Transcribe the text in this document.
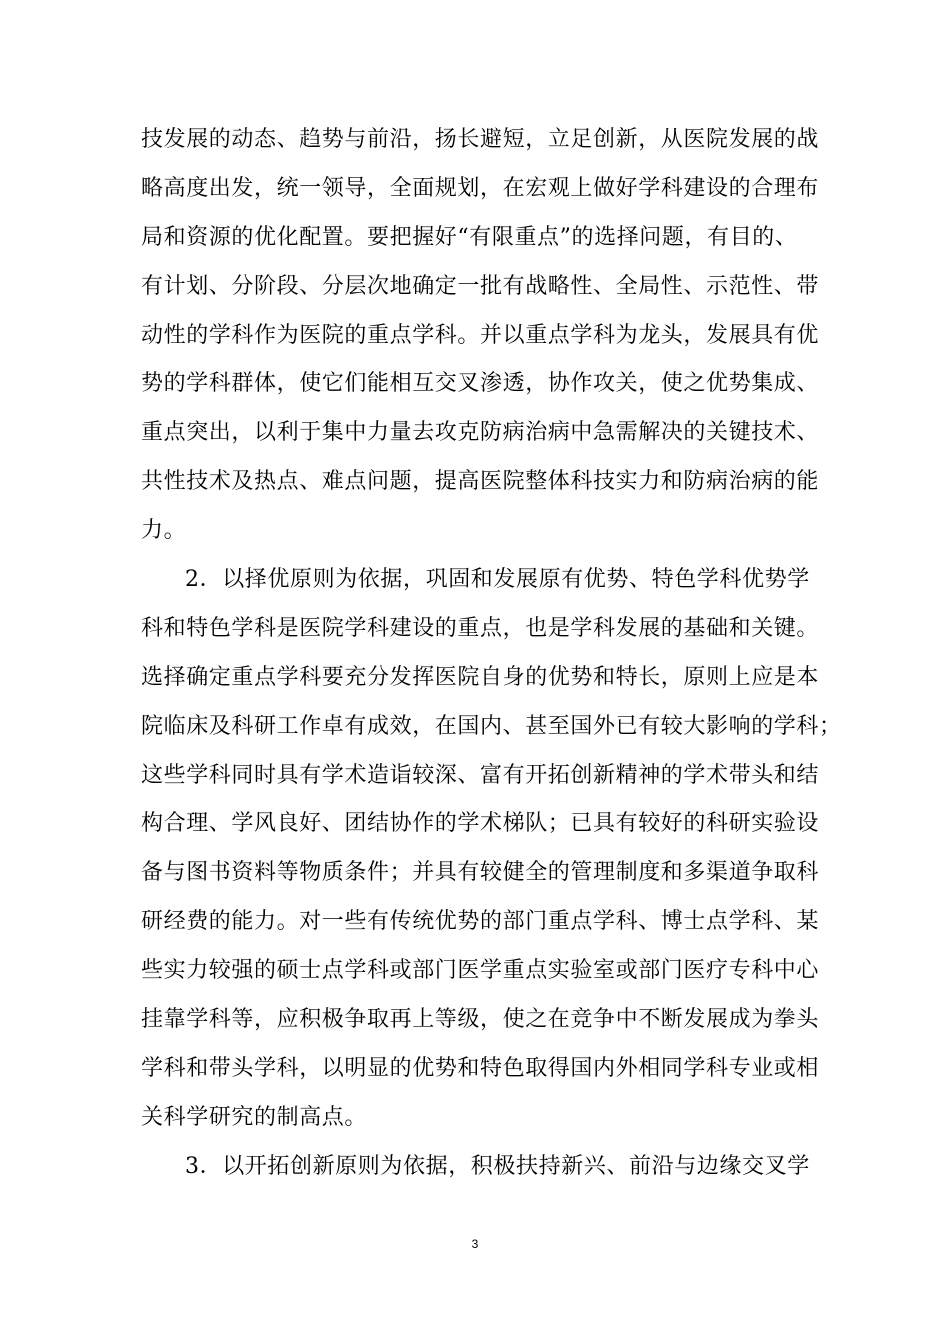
技发展的动态、趋势与前沿，扬长避短，立足创新，从医院发展的战
略高度出发，统一领导，全面规划，在宏观上做好学科建设的合理布
局和资源的优化配置。要把握好“有限重点”的选择问题，有目的、
有计划、分阶段、分层次地确定一批有战略性、全局性、示范性、带
动性的学科作为医院的重点学科。并以重点学科为龙头，发展具有优
势的学科群体，使它们能相互交叉渗透，协作攻关，使之优势集成、
重点突出，以利于集中力量去攻克防病治病中急需解决的关键技术、
共性技术及热点、难点问题，提高医院整体科技实力和防病治病的能
力。
2．以择优原则为依据，巩固和发展原有优势、特色学科优势学
科和特色学科是医院学科建设的重点，也是学科发展的基础和关键。
选择确定重点学科要充分发挥医院自身的优势和特长，原则上应是本
院临床及科研工作卓有成效，在国内、甚至国外已有较大影响的学科；
这些学科同时具有学术造诣较深、富有开拓创新精神的学术带头和结
构合理、学风良好、团结协作的学术梯队；已具有较好的科研实验设
备与图书资料等物质条件；并具有较健全的管理制度和多渠道争取科
研经费的能力。对一些有传统优势的部门重点学科、博士点学科、某
些实力较强的硕士点学科或部门医学重点实验室或部门医疗专科中心
挂靠学科等，应积极争取再上等级，使之在竞争中不断发展成为拳头
学科和带头学科，以明显的优势和特色取得国内外相同学科专业或相
关科学研究的制高点。
3．以开拓创新原则为依据，积极扶持新兴、前沿与边缘交叉学
3
